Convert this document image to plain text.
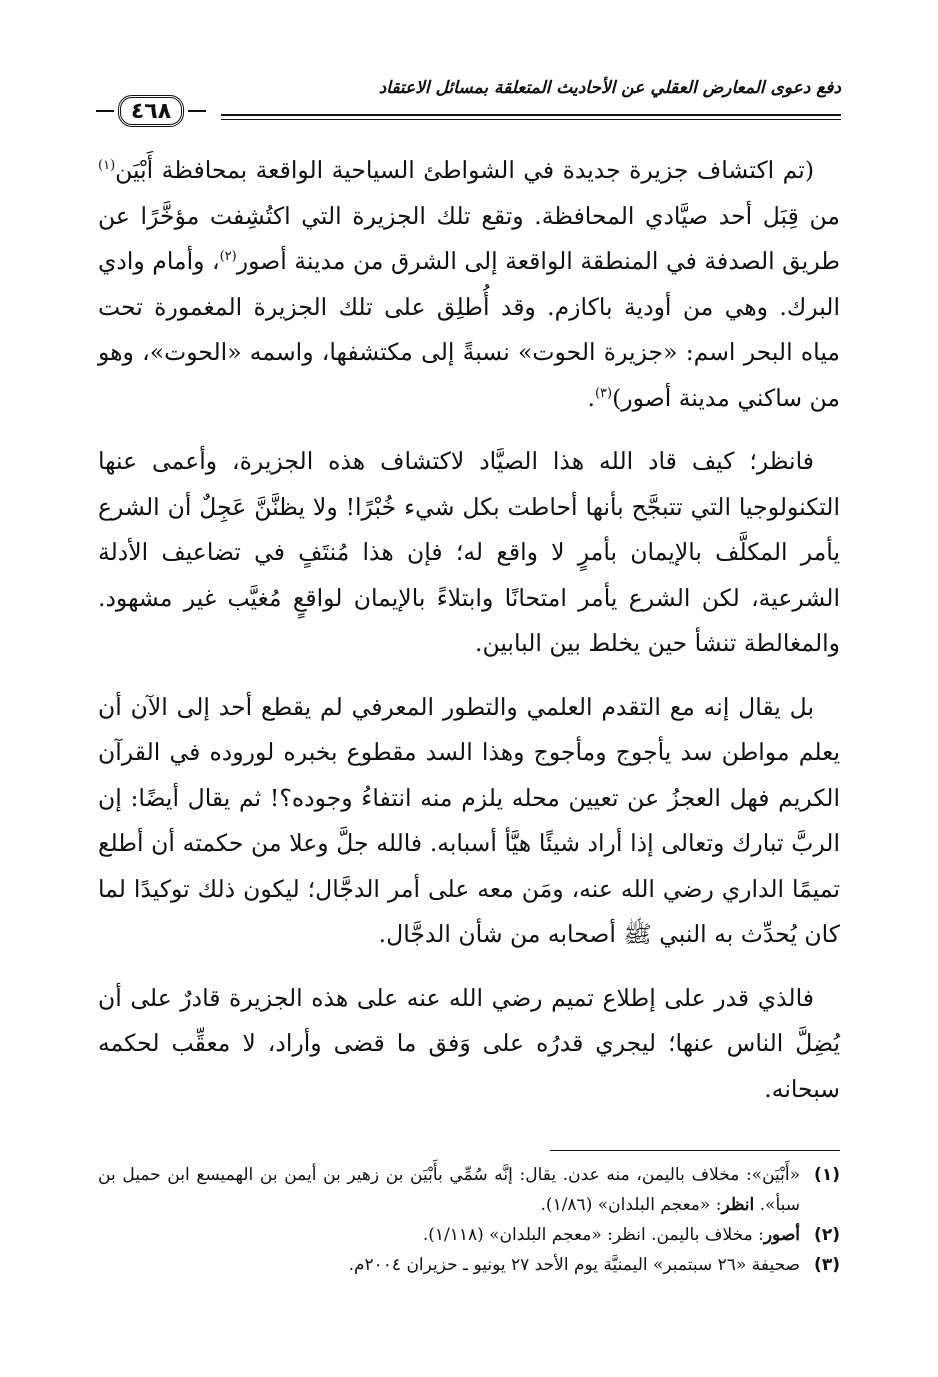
دفع دعوى المعارض العقلي عن الأحاديث المتعلقة بمسائل الاعتقاد
٤٦٨

(تم اكتشاف جزيرة جديدة في الشواطئ السياحية الواقعة بمحافظة أَبْيَن$^{(١)}$ من قِبَل أحد صيَّادي المحافظة. وتقع تلك الجزيرة التي اكتُشِفت مؤخَّرًا عن طريق الصدفة في المنطقة الواقعة إلى الشرق من مدينة أصور$^{(٢)}$، وأمام وادي البرك. وهي من أودية باكازم. وقد أُطلِق على تلك الجزيرة المغمورة تحت مياه البحر اسم: «جزيرة الحوت» نسبةً إلى مكتشفها، واسمه «الحوت»، وهو من ساكني مدينة أصور)$^{(٣)}$.

فانظر؛ كيف قاد الله هذا الصيَّاد لاكتشاف هذه الجزيرة، وأعمى عنها التكنولوجيا التي تتبجَّح بأنها أحاطت بكل شيء خُبْرًا! ولا يظنَّنَّ عَجِلٌ أن الشرع يأمر المكلَّف بالإيمان بأمرٍ لا واقع له؛ فإن هذا مُنتَفٍ في تضاعيف الأدلة الشرعية، لكن الشرع يأمر امتحانًا وابتلاءً بالإيمان لواقعٍ مُغيَّب غير مشهود. والمغالطة تنشأ حين يخلط بين البابين.

بل يقال إنه مع التقدم العلمي والتطور المعرفي لم يقطع أحد إلى الآن أن يعلم مواطن سد يأجوج ومأجوج وهذا السد مقطوع بخبره لوروده في القرآن الكريم فهل العجزُ عن تعيين محله يلزم منه انتفاءُ وجوده؟! ثم يقال أيضًا: إن الربَّ تبارك وتعالى إذا أراد شيئًا هيَّأ أسبابه. فالله جلَّ وعلا من حكمته أن أطلع تميمًا الداري رضي الله عنه، ومَن معه على أمر الدجَّال؛ ليكون ذلك توكيدًا لما كان يُحدِّث به النبي ﷺ أصحابه من شأن الدجَّال.

فالذي قدر على إطلاع تميم رضي الله عنه على هذه الجزيرة قادرٌ على أن يُضِلَّ الناس عنها؛ ليجري قدرُه على وَفق ما قضى وأراد، لا معقِّب لحكمه سبحانه.

(١)
«أَبْيَن»: مخلاف باليمن، منه عدن. يقال: إنَّه سُمِّي بأَبْيَن بن زهير بن أيمن بن الهميسع ابن حميل بن سبأ». انظر: «معجم البلدان» (١/٨٦).

(٢)
أصور: مخلاف باليمن. انظر: «معجم البلدان» (١/١١٨).

(٣)
صحيفة «٢٦ سبتمبر» اليمنيَّة يوم الأحد ٢٧ يونيو ـ حزيران ٢٠٠٤م.
